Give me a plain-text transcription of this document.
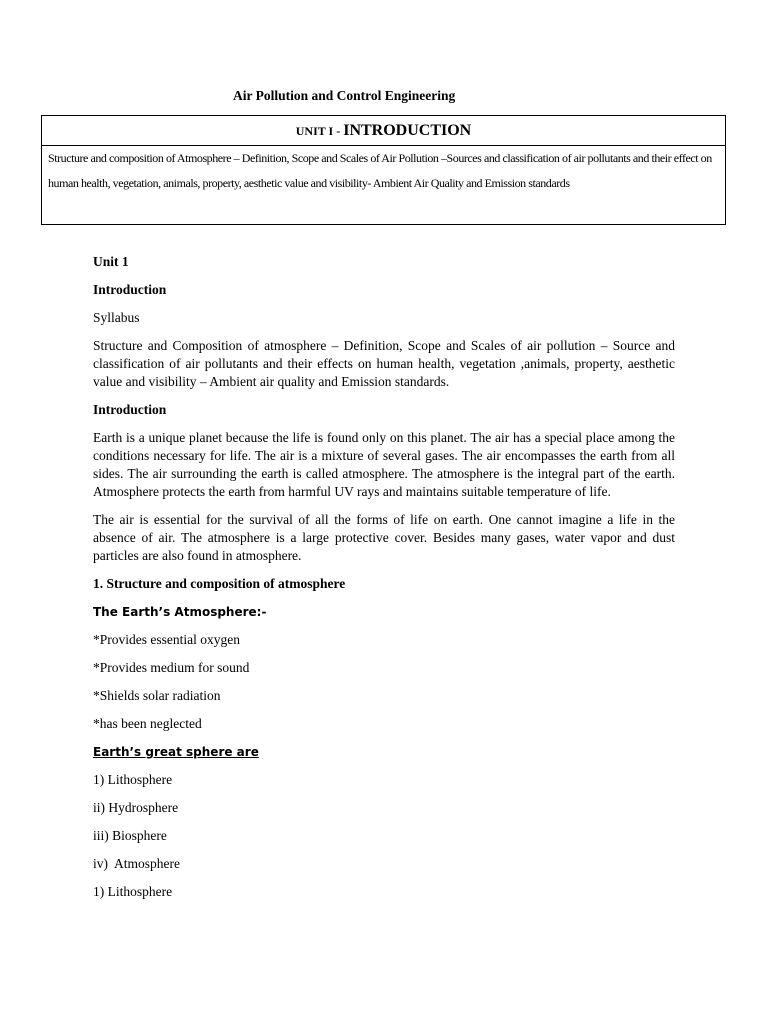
Air Pollution and Control Engineering
UNIT I - INTRODUCTION

Structure and composition of Atmosphere – Definition, Scope and Scales of Air Pollution –Sources and classification of air pollutants and their effect on human health, vegetation, animals, property, aesthetic value and visibility- Ambient Air Quality and Emission standards

Unit 1

Introduction

Syllabus

Structure and Composition of atmosphere – Definition, Scope and Scales of air pollution – Source and classification of air pollutants and their effects on human health, vegetation ,animals, property, aesthetic value and visibility – Ambient air quality and Emission standards.

Introduction

Earth is a unique planet because the life is found only on this planet. The air has a special place among the conditions necessary for life. The air is a mixture of several gases. The air encompasses the earth from all sides. The air surrounding the earth is called atmosphere. The atmosphere is the integral part of the earth. Atmosphere protects the earth from harmful UV rays and maintains suitable temperature of life.

The air is essential for the survival of all the forms of life on earth. One cannot imagine a life in the absence of air. The atmosphere is a large protective cover. Besides many gases, water vapor and dust particles are also found in atmosphere.

1. Structure and composition of atmosphere

The Earth’s Atmosphere:-

*Provides essential oxygen

*Provides medium for sound

*Shields solar radiation

*has been neglected

Earth’s great sphere are

1) Lithosphere

ii) Hydrosphere

iii) Biosphere

iv)  Atmosphere

1) Lithosphere
